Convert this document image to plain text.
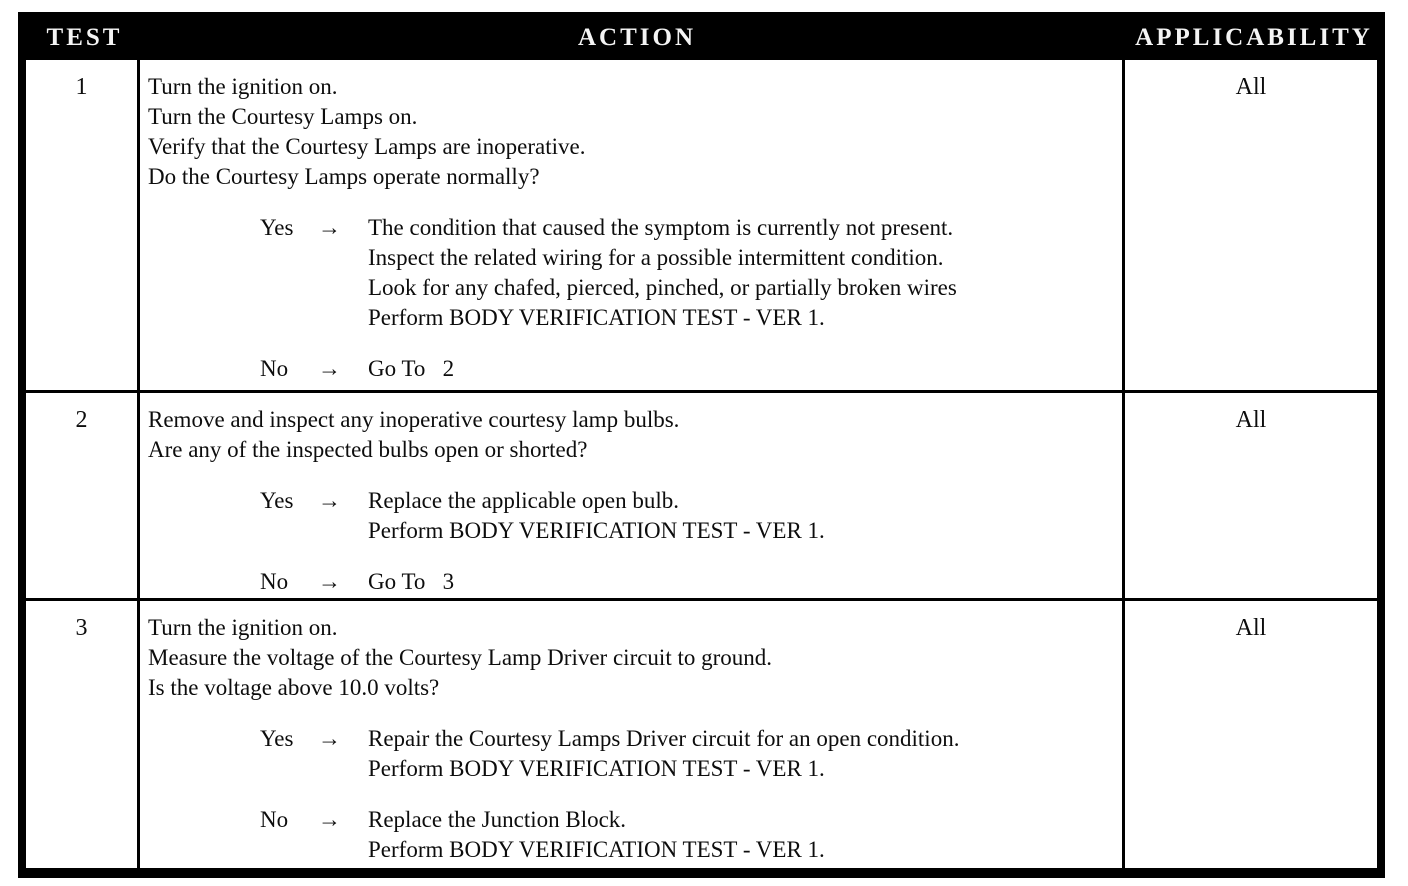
TEST	ACTION	APPLICABILITY
1	Turn the ignition on.
Turn the Courtesy Lamps on.
Verify that the Courtesy Lamps are inoperative.
Do the Courtesy Lamps operate normally?
Yes	→	The condition that caused the symptom is currently not present.
Inspect the related wiring for a possible intermittent condition.
Look for any chafed, pierced, pinched, or partially broken wires
Perform BODY VERIFICATION TEST - VER 1.
No	→	Go To   2
All
2	Remove and inspect any inoperative courtesy lamp bulbs.
Are any of the inspected bulbs open or shorted?
Yes	→	Replace the applicable open bulb.
Perform BODY VERIFICATION TEST - VER 1.
No	→	Go To   3
All
3	Turn the ignition on.
Measure the voltage of the Courtesy Lamp Driver circuit to ground.
Is the voltage above 10.0 volts?
Yes	→	Repair the Courtesy Lamps Driver circuit for an open condition.
Perform BODY VERIFICATION TEST - VER 1.
No	→	Replace the Junction Block.
Perform BODY VERIFICATION TEST - VER 1.
All
